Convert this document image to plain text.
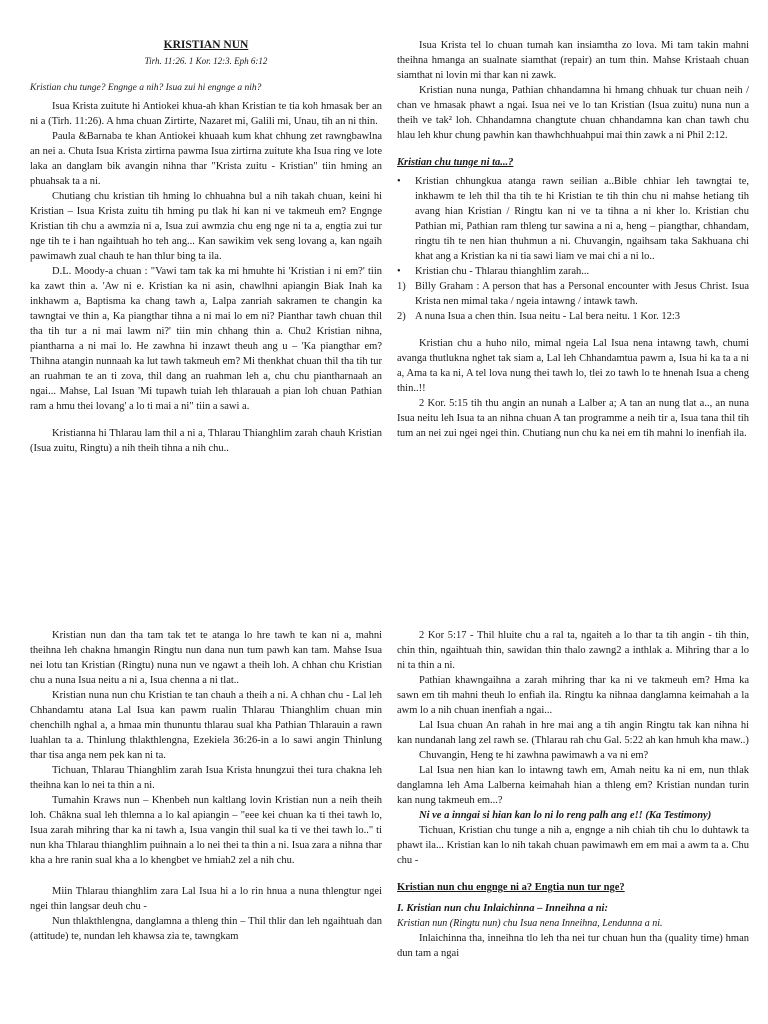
KRISTIAN NUN

Tirh. 11:26. 1 Kor. 12:3. Eph 6:12

Kristian chu tunge? Engnge a nih? Isua zui hi engnge a nih?

Isua Krista zuitute hi Antiokei khua-ah khan Kristian te tia koh hmasak ber an ni a (Tirh. 11:26). A hma chuan Zirtirte, Nazaret mi, Galili mi, Unau, tih an ni thin.

Paula &Barnaba te khan Antiokei khuaah kum khat chhung zet rawngbawlna an nei a. Chuta Isua Krista zirtirna pawma Isua zirtirna zuitute kha Isua ring ve lote laka an danglam bik avangin nihna thar "Krista zuitu - Kristian" tiin hming an phuahsak ta a ni.

Chutiang chu kristian tih hming lo chhuahna bul a nih takah chuan, keini hi Kristian – Isua Krista zuitu tih hming pu tlak hi kan ni ve takmeuh em? Engnge Kristian tih chu a awmzia ni a, Isua zui awmzia chu eng nge ni ta a, engtia zui tur nge tih te i han ngaihtuah ho teh ang... Kan sawikim vek seng lovang a, kan ngaih pawimawh zual chauh te han thlur bing ta ila.

D.L. Moody-a chuan : "Vawi tam tak ka mi hmuhte hi 'Kristian i ni em?' tiin ka zawt thin a. 'Aw ni e. Kristian ka ni asin, chawlhni apiangin Biak Inah ka inkhawm a, Baptisma ka chang tawh a, Lalpa zanriah sakramen te changin ka tawngtai ve thin a, Ka piangthar tihna a ni mai lo em ni? Pianthar tawh chuan thil tha tih tur a ni mai lawm ni?' tiin min chhang thin a. Chu2 Kristian nihna, piantharna a ni mai lo. He zawhna hi inzawt theuh ang u – 'Ka piangthar em? Thihna atangin nunnaah ka lut tawh takmeuh em? Mi thenkhat chuan thil tha tih tur an ruahman te an ti zova, thil dang an ruahman leh a, chu chu piantharnaah an ngai... Mahse, Lal Isuan 'Mi tupawh tuiah leh thlarauah a pian loh chuan Pathian ram a hmu thei lovang' a lo ti mai a ni" tiin a sawi a.

Kristianna hi Thlarau lam thil a ni a, Thlarau Thianghlim zarah chauh Kristian (Isua zuitu, Ringtu) a nih theih tihna a nih chu..

Isua Krista tel lo chuan tumah kan insiamtha zo lova. Mi tam takin mahni theihna hmanga an sualnate siamthat (repair) an tum thin. Mahse Kristaah chuan siamthat ni lovin mi thar kan ni zawk.

Kristian nuna nunga, Pathian chhandamna hi hmang chhuak tur chuan neih / chan ve hmasak phawt a ngai. Isua nei ve lo tan Kristian (Isua zuitu) nuna nun a theih ve tak² loh. Chhandamna changtute chuan chhandamna kan chan tawh chu hlau leh khur chung pawhin kan thawhchhuahpui mai thin zawk a ni Phil 2:12.

Kristian chu tunge ni ta...?

•	Kristian chhungkua atanga rawn seilian a..Bible chhiar leh tawngtai te, inkhawm te leh thil tha tih te hi Kristian te tih thin chu ni mahse hetiang tih avang hian Kristian / Ringtu kan ni ve ta tihna a ni kher lo. Kristian chu Pathian mi, Pathian ram thleng tur sawina a ni a, heng – piangthar, chhandam, ringtu tih te nen hian thuhmun a ni. Chuvangin, ngaihsam taka Sakhuana chi khat ang a Kristian ka ni tia sawi liam ve mai chi a ni lo..

•	Kristian chu - Thlarau thianghlim zarah...

1) Billy Graham : A person that has a Personal encounter with Jesus Christ. Isua Krista nen mimal taka / ngeia intawng / intawk tawh.

2) A nuna Isua a chen thin. Isua neitu - Lal bera neitu. 1 Kor. 12:3

Kristian chu a huho nilo, mimal ngeia Lal Isua nena intawng tawh, chumi avanga thutlukna nghet tak siam a, Lal leh Chhandamtua pawm a, Isua hi ka ta a ni a, Ama ta ka ni, A tel lova nung thei tawh lo, tlei zo tawh lo te hnenah Isua a cheng thin..!!

2 Kor. 5:15 tih thu angin an nunah a Lalber a; A tan an nung tlat a.., an nuna Isua neitu leh Isua ta an nihna chuan A tan programme a neih tir a, Isua tana thil tih tum an nei zui ngei ngei thin. Chutiang nun chu ka nei em tih mahni lo inenfiah ila.

Kristian nun dan tha tam tak tet te atanga lo hre tawh te kan ni a, mahni theihna leh chakna hmangin Ringtu nun dana nun tum pawh kan tam. Mahse Isua nei lotu tan Kristian (Ringtu) nuna nun ve ngawt a theih loh. A chhan chu Kristian chu a nuna Isua neitu a ni a, Isua chenna a ni tlat..

Kristian nuna nun chu Kristian te tan chauh a theih a ni. A chhan chu - Lal leh Chhandamtu atana Lal Isua kan pawm rualin Thlarau Thianghlim chuan min chenchilh nghal a, a hmaa min thununtu thlarau sual kha Pathian Thlarauin a rawn luahlan ta a. Thinlung thlakthlengna, Ezekiela 36:26-in a lo sawi angin Thinlung thar tisa anga nem pek kan ni ta.

Tichuan, Thlarau Thianghlim zarah Isua Krista hnungzui thei tura chakna leh theihna kan lo nei ta thin a ni.

Tumahin Kraws nun – Khenbeh nun kaltlang lovin Kristian nun a neih theih loh. Châkna sual leh thlemna a lo kal apiangin – "eee kei chuan ka ti thei tawh lo, Isua zarah mihring thar ka ni tawh a, Isua vangin thil sual ka ti ve thei tawh lo.." ti nun kha Thlarau thianghlim puihnain a lo nei thei ta thin a ni. Isua zara a nihna thar kha a hre ranin sual kha a lo khengbet ve hmiah2 zel a nih chu.

Miin Thlarau thianghlim zara Lal Isua hi a lo rin hnua a nuna thlengtur ngei ngei thin langsar deuh chu -

Nun thlakthlengna, danglamna a thleng thin – Thil thlir dan leh ngaihtuah dan (attitude) te, nundan leh khawsa zia te, tawngkam

2 Kor 5:17 - Thil hluite chu a ral ta, ngaiteh a lo thar ta tih angin - tih thin, chin thin, ngaihtuah thin, sawidan thin thalo zawng2 a inthlak a. Mihring thar a lo ni ta thin a ni.

Pathian khawngaihna a zarah mihring thar ka ni ve takmeuh em? Hma ka sawn em tih mahni theuh lo enfiah ila. Ringtu ka nihnaa danglamna keimahah a la awm lo a nih chuan inenfiah a ngai...

Lal Isua chuan An rahah in hre mai ang a tih angin Ringtu tak kan nihna hi kan nundanah lang zel rawh se. (Thlarau rah chu Gal. 5:22 ah kan hmuh kha maw..)

Chuvangin, Heng te hi zawhna pawimawh a va ni em?

Lal Isua nen hian kan lo intawng tawh em, Amah neitu ka ni em, nun thlak danglamna leh Ama Lalberna keimahah hian a thleng em? Kristian nundan turin kan nung takmeuh em...?

Ni ve a inngai si hian kan lo ni lo reng palh ang e!! (Ka Testimony)

Tichuan, Kristian chu tunge a nih a, engnge a nih chiah tih chu lo duhtawk ta phawt ila... Kristian kan lo nih takah chuan pawimawh em em mai a awm ta a. Chu chu -

Kristian nun chu engnge ni a? Engtia nun tur nge?

I. Kristian nun chu Inlaichinna – Inneihna a ni:

Kristian nun (Ringtu nun) chu Isua nena Inneihna, Lendunna a ni.

Inlaichinna tha, inneihna tlo leh tha nei tur chuan hun tha (quality time) hman dun tam a ngai
